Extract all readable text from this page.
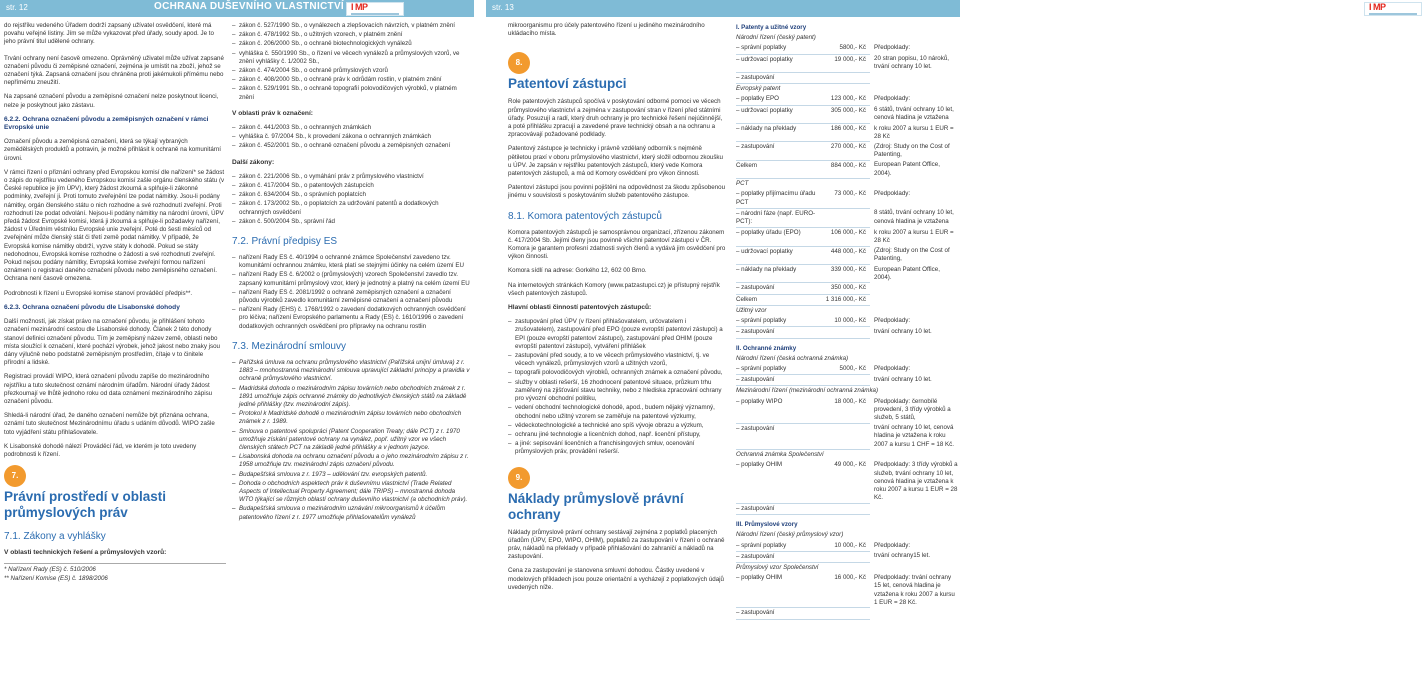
str. 12	OCHRANA DUŠEVNÍHO VLASTNICTVÍ I MP	str. 13	OCHRANA DUŠEVNÍHO VLASTNICTVÍ
I MP

do rejstříku vedeného Úřadem dodrží zapsaný užívatel osvědčení, které má povahu veřejné listiny. Jím se může vykazovat před úřady, soudy apod. Je to jeho právní titul udělené ochrany.

Trvání ochrany není časově omezeno. Oprávněný uživatel může užívat zapsané označení původu či zeměpisné označení, zejména je umístit na zboží, jehož se označení týká. Zapsaná označení jsou chráněna proti jakémukoli přímému nebo nepřímému zneužití.

Na zapsané označení původu a zeměpisné označení nelze poskytnout licenci, nelze je poskytnout jako zástavu.

6.2.2. Ochrana označení původu a zeměpisných označení v rámci Evropské unie

Označení původu a zeměpisná označení, která se týkají vybraných zemědělských produktů a potravin, je možné přihlásit k ochraně na komunitární úrovni.

V rámci řízení o přiznání ochrany před Evropskou komisí dle nařízení* se žádost o zápis do rejstříku vedeného Evropskou komisí zašle orgánu členského státu (v České republice je jím ÚPV), který žádost zkoumá a splňuje-li zákonné podmínky, zveřejní ji. Proti tomuto zveřejnění lze podat námitky. Jsou-li podány námitky, orgán členského státu o nich rozhodne a své rozhodnutí zveřejní. Proti rozhodnutí lze podat odvolání. Nejsou-li podány námitky na národní úrovni, ÚPV předá žádost Evropské komisi, která ji zkoumá a splňuje-li požadavky nařízení, žádost v Úředním věstníku Evropské unie zveřejní. Poté do šesti měsíců od zveřejnění může členský stát či třetí země podat námitky. V případě, že Evropská komise námitky obdrží, vyzve státy k dohodě. Pokud se státy nedohodnou, Evropská komise rozhodne o žádosti a své rozhodnutí zveřejní. Pokud nejsou podány námitky, Evropská komise zveřejní formou nařízení oznámení o registraci daného označení původu nebo zeměpisného označení. Ochrana není časově omezena.

Podrobnosti k řízení u Evropské komise stanoví prováděcí předpis**.

6.2.3. Ochrana označení původu dle Lisabonské dohody

Další možností, jak získat právo na označení původu, je přihlášení tohoto označení mezinárodní cestou dle Lisabonské dohody. Článek 2 této dohody stanoví definici označení původu. Tím je zeměpisný název země, oblasti nebo místa sloužící k označení, které pochází výrobek, jehož jakost nebo znaky jsou dány výlučně nebo podstatně zeměpisným prostředím, čítaje v to činitele přírodní a lidské.

Registraci provádí WIPO, která označení původu zapíše do mezinárodního rejstříku a tuto skutečnost oznámí národním úřadům. Národní úřady žádost přezkoumají ve lhůtě jednoho roku od data oznámení mezinárodního zápisu označení původu.

Shledá-li národní úřad, že daného označení nemůže být přiznána ochrana, oznámí tuto skutečnost Mezinárodnímu úřadu s udáním důvodů. WIPO zašle toto vyjádření státu přihlašovatele.

K Lisabonské dohodě nálezí Prováděcí řád, ve kterém je toto uvedeny podrobnosti k řízení.

7.
Právní prostředí v oblasti průmyslových práv
7.1. Zákony a vyhlášky
V oblasti technických řešení a průmyslových vzorů:
* Nařízení Rady (ES) č. 510/2006
** Nařízení Komise (ES) č. 1898/2006
– zákon č. 527/1990 Sb., o vynálezech a zlepšovacích návrzích, v platném znění
– zákon č. 478/1992 Sb., o užitných vzorech, v platném znění
– zákon č. 206/2000 Sb., o ochraně biotechnologických vynálezů
– vyhláška č. 550/1990 Sb., o řízení ve věcech vynálezů a průmyslových vzorů, ve znění vyhlášky č. 1/2002 Sb.,
– zákon č. 474/2004 Sb., o ochraně průmyslových vzorů
– zákon č. 408/2000 Sb., o ochraně práv k odrůdám rostlin, v platném znění
– zákon č. 529/1991 Sb., o ochraně topografií polovodičových výrobků, v platném znění
V oblasti práv k označení:
– zákon č. 441/2003 Sb., o ochranných známkách
– vyhláška č. 97/2004 Sb., k provedení zákona o ochranných známkách
– zákon č. 452/2001 Sb., o ochraně označení původu a zeměpisných označení
Další zákony:
– zákon č. 221/2006 Sb., o vymáhání práv z průmyslového vlastnictví
– zákon č. 417/2004 Sb., o patentových zástupcích
– zákon č. 634/2004 Sb., o správních poplatcích
– zákon č. 173/2002 Sb., o poplatcích za udržování patentů a dodatkových ochranných osvědčení
– zákon č. 500/2004 Sb., správní řád
7.2. Právní předpisy ES
– nařízení Rady ES č. 40/1994 o ochranné známce Společenství zavedeno tzv. komunitární ochrannou známku, která platí se stejnými účinky na celém území EU
– nařízení Rady ES č. 6/2002 o (průmyslových) vzorech Společenství zavedlo tzv. zapsaný komunitární průmyslový vzor, který je jednotný a platný na celém území EU
– nařízení Rady ES č. 2081/1992 o ochraně zeměpisných označení a označení původu výrobků zavedlo komunitární zeměpisné označení a označení původu
– nařízení Rady (EHS) č. 1768/1992 o zavedení dodatkových ochranných osvědčení pro léčiva; nařízení Evropského parlamentu a Rady (ES) č. 1610/1996 o zavedení dodatkových ochranných osvědčení pro přípravky na ochranu rostlin
7.3. Mezinárodní smlouvy
– Pařížská úmluva na ochranu průmyslového vlastnictví (Pařížská unijní úmluva) z r. 1883 – mnohostranná mezinárodní smlouva upravující základní principy a pravidla v ochraně průmyslového vlastnictví.
– Madridská dohoda o mezinárodním zápisu továrních nebo obchodních známek z r. 1891 umožňuje zápis ochranné známky do jednotlivých členských států na základě jediné přihlášky (tzv. mezinárodní zápis).
– Protokol k Madridské dohodě o mezinárodním zápisu továrních nebo obchodních známek z r. 1989.
– Smlouva o patentové spolupráci (Patent Cooperation Treaty; dále PCT) z r. 1970 umožňuje získání patentové ochrany na vynález, popř. užitný vzor ve všech členských státech PCT na základě jedné přihlášky a v jednom jazyce.
– Lisabonská dohoda na ochranu označení původu a o jeho mezinárodním zápisu z r. 1958 umožňuje tzv. mezinárodní zápis označení původu.
– Budapešťská smlouva z r. 1973 – udělování tzv. evropských patentů.
– Dohoda o obchodních aspektech práv k duševnímu vlastnictví (Trade Related Aspects of Intellectual Property Agreement; dále TRIPS) – mnostranná dohoda WTO týkající se různých oblastí ochrany duševního vlastnictví (a obchodních práv).
– Budapešťská smlouva o mezinárodním uznávání mikroorganismů k účelům patentového řízení z r. 1977 umožňuje přihlašovatelům vynálezů

mikroorganismu pro účely patentového řízení u jediného mezinárodního ukládacího místa.

8.
Patentoví zástupci

Role patentových zástupců spočívá v poskytování odborné pomoci ve věcech průmyslového vlastnictví a zejména v zastupování stran v řízení před státními úřady. Posuzují a radí, který druh ochrany je pro technické řešení nejúčinnější, a poté přihlášku zpracují a zavedené prave technický obsah a na ochranu a zpracovávají požadované podklady.

Patentový zástupce je technicky i právně vzdělaný odborník s nejméně pětiletou praxí v oboru průmyslového vlastnictví, který složil odbornou zkoušku u ÚPV. Je zapsán v rejstříku patentových zástupců, který vede Komora patentových zástupců, a má od Komory osvědčení pro výkon činnosti.

Patentoví zástupci jsou povinni pojištěni na odpovědnost za škodu způsobenou jinému v souvislosti s poskytováním služeb patentového zástupce.

8.1. Komora patentových zástupců

Komora patentových zástupců je samosprávnou organizací, zřízenou zákonem č. 417/2004 Sb. Jejími členy jsou povinně všichni patentoví zástupci v ČR. Komora je garantem profesní zdatnosti svých členů a vydává jim osvědčení pro výkon činnosti.

Komora sídlí na adrese: Gorkého 12, 602 00 Brno.

Na internetových stránkách Komory (www.patzastupci.cz) je přístupný rejstřík všech patentových zástupců.

Hlavní oblasti činností patentových zástupců:
– zastupování před ÚPV (v řízení přihlašovatelem, určovatelem i zrušovatelem), zastupování před EPO (pouze evropští patentoví zástupci) a EPI (pouze evropští patentoví zástupci), zastupování před OHIM (pouze evropští patentoví zástupci), vytváření přihlášek
– zastupování před soudy, a to ve věcech průmyslového vlastnictví, tj. ve věcech vynálezů, průmyslových vzorů a užitných vzorů,
– topografii polovodičových výrobků, ochranných známek a označení původu,
– služby v oblasti rešerší, 16 zhodnocení patentové situace, průzkum trhu zaměřený na zjišťování stavu techniky, nebo z hlediska zpracování ochrany pro vývozní obchodní politiku,
– vedení obchodní technologické dohodě, apod., budem nějaký významný, obchodní nebo užitný vzorem se zaměřuje na patentové výzkumy,
– vědeckotechnologické a technické ano spíš vývoje obrazu a výzkum,
– ochranu jiné technologie a licenčních dohod, např. licenční přístupy,
– a jiné: sepisování licenčních a franchisingových smluv, ocenování průmyslových práv, provádění rešerší.
9.
Náklady průmyslově právní ochrany

Náklady průmyslově právní ochrany sestávají zejména z poplatků placených úřadům (ÚPV, EPO, WIPO, OHIM), poplatků za zastupování v řízení o ochraně práv, nákladů na překlady v případě přihlašování do zahraničí a nákladů na zastupování.

Cena za zastupování je stanovena smluvní dohodou. Částky uvedené v modelových příkladech jsou pouze orientační a vycházejí z poplatkových údajů uvedených níže.

I. Patenty a užitné vzory
Národní řízení (český patent)
– správní poplatky	5800,- Kč	Předpoklady:
– udržovací poplatky	19 000,- Kč	20 stran popisu, 10 nároků, trvání ochrany 10 let.
– zastupování		
Evropský patent
– poplatky EPO	123 000,- Kč	Předpoklady:
– udržovací poplatky	305 000,- Kč	6 států, trvání ochrany 10 let, cenová hladina je vztažena
– náklady na překlady	186 000,- Kč	k roku 2007 a kursu 1 EUR = 28 Kč
– zastupování	270 000,- Kč	(Zdroj: Study on the Cost of Patenting,
Celkem	884 000,- Kč	European Patent Office, 2004).
PCT
– poplatky přijímacímu úřadu PCT	73 000,- Kč	Předpoklady:
– národní fáze (např. EURO-PCT):		8 států, trvání ochrany 10 let, cenová hladina je vztažena
– poplatky úřadu (EPO)	106 000,- Kč	k roku 2007 a kursu 1 EUR = 28 Kč
– udržovací poplatky	448 000,- Kč	(Zdroj: Study on the Cost of Patenting,
– náklady na překlady	339 000,- Kč	European Patent Office, 2004).
– zastupování	350 000,- Kč	
Celkem	1 316 000,- Kč	
Užitný vzor
– správní poplatky	10 000,- Kč	Předpoklady:
– zastupování		trvání ochrany 10 let.
II. Ochranné známky
Národní řízení (česká ochranná známka)
– správní poplatky	5000,- Kč	Předpoklady:
– zastupování		trvání ochrany 10 let.
Mezinárodní řízení (mezinárodní ochranná známka)
– poplatky WIPO	18 000,- Kč	Předpoklady: černobílé provedení, 3 třídy výrobků a služeb, 5 států,
– zastupování		trvání ochrany 10 let, cenová hladina je vztažena k roku 2007 a kursu 1 CHF = 18 Kč.
Ochranná známka Společenství
– poplatky OHIM	49 000,- Kč	Předpoklady: 3 třídy výrobků a služeb, trvání ochrany 10 let, cenová hladina je vztažena k roku 2007 a kursu 1 EUR = 28 Kč.
– zastupování		
III. Průmyslové vzory
Národní řízení (český průmyslový vzor)
– správní poplatky	10 000,- Kč	Předpoklady:
– zastupování		trvání ochrany15 let.
Průmyslový vzor Společenství
– poplatky OHIM	16 000,- Kč	Předpoklady: trvání ochrany 15 let, cenová hladina je vztažena k roku 2007 a kursu 1 EUR = 28 Kč.
– zastupování		
